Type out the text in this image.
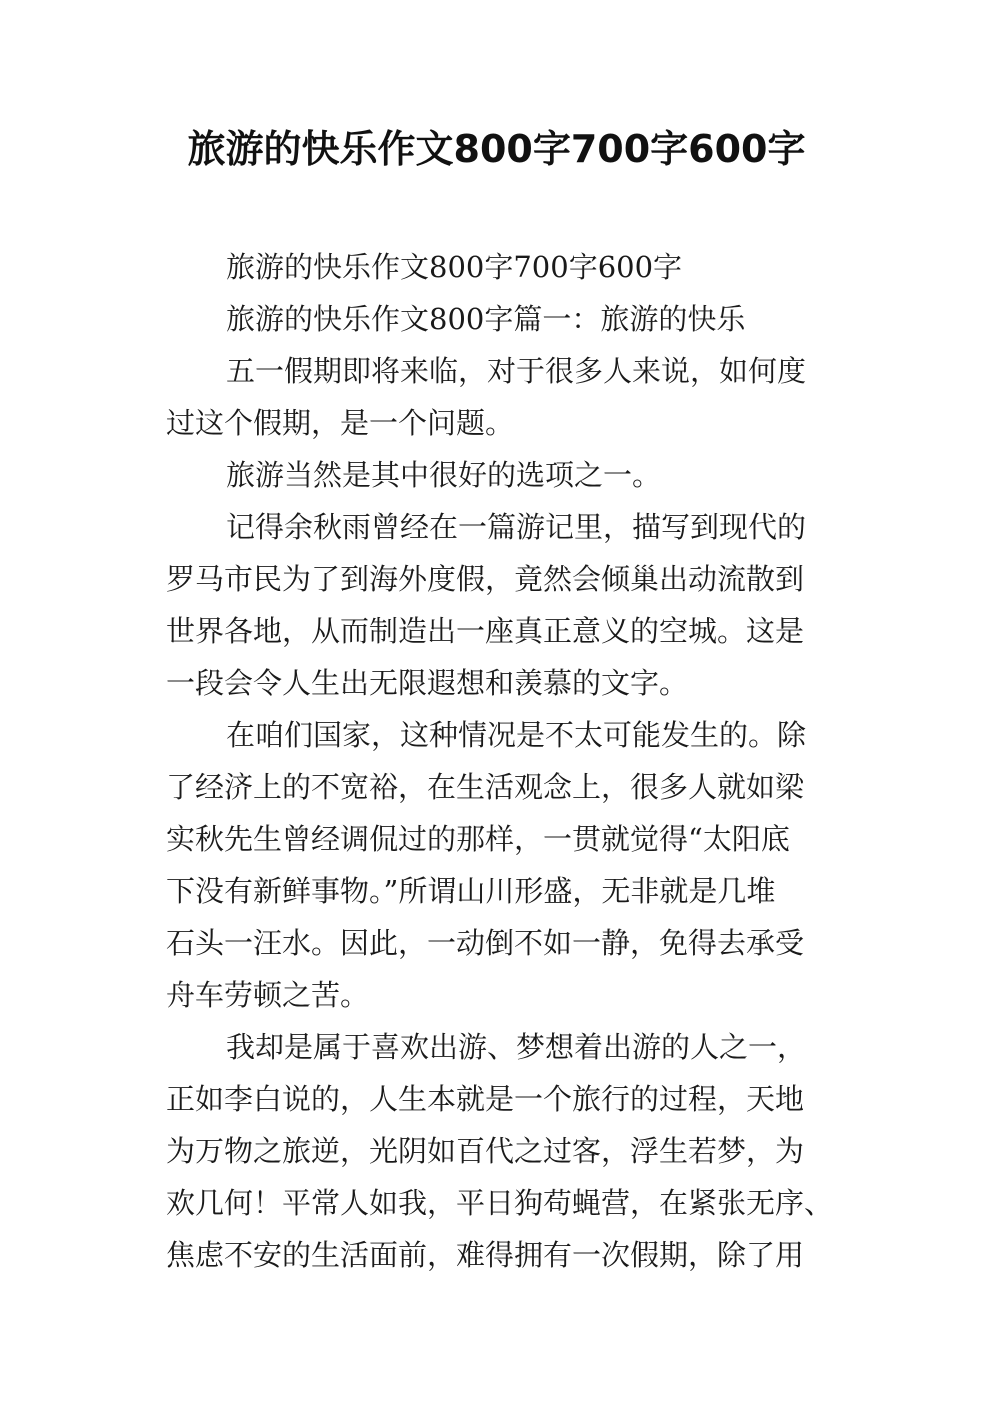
旅游的快乐作文800字700字600字
旅游的快乐作文800字700字600字
旅游的快乐作文800字篇一：旅游的快乐
五一假期即将来临，对于很多人来说，如何度
过这个假期，是一个问题。
旅游当然是其中很好的选项之一。
记得余秋雨曾经在一篇游记里，描写到现代的
罗马市民为了到海外度假，竟然会倾巢出动流散到
世界各地，从而制造出一座真正意义的空城。这是
一段会令人生出无限遐想和羡慕的文字。
在咱们国家，这种情况是不太可能发生的。除
了经济上的不宽裕，在生活观念上，很多人就如梁
实秋先生曾经调侃过的那样，一贯就觉得“太阳底
下没有新鲜事物。”所谓山川形盛，无非就是几堆
石头一汪水。因此，一动倒不如一静，免得去承受
舟车劳顿之苦。
我却是属于喜欢出游、梦想着出游的人之一，
正如李白说的，人生本就是一个旅行的过程，天地
为万物之旅逆，光阴如百代之过客，浮生若梦，为
欢几何！平常人如我，平日狗苟蝇营，在紧张无序、
焦虑不安的生活面前，难得拥有一次假期，除了用
